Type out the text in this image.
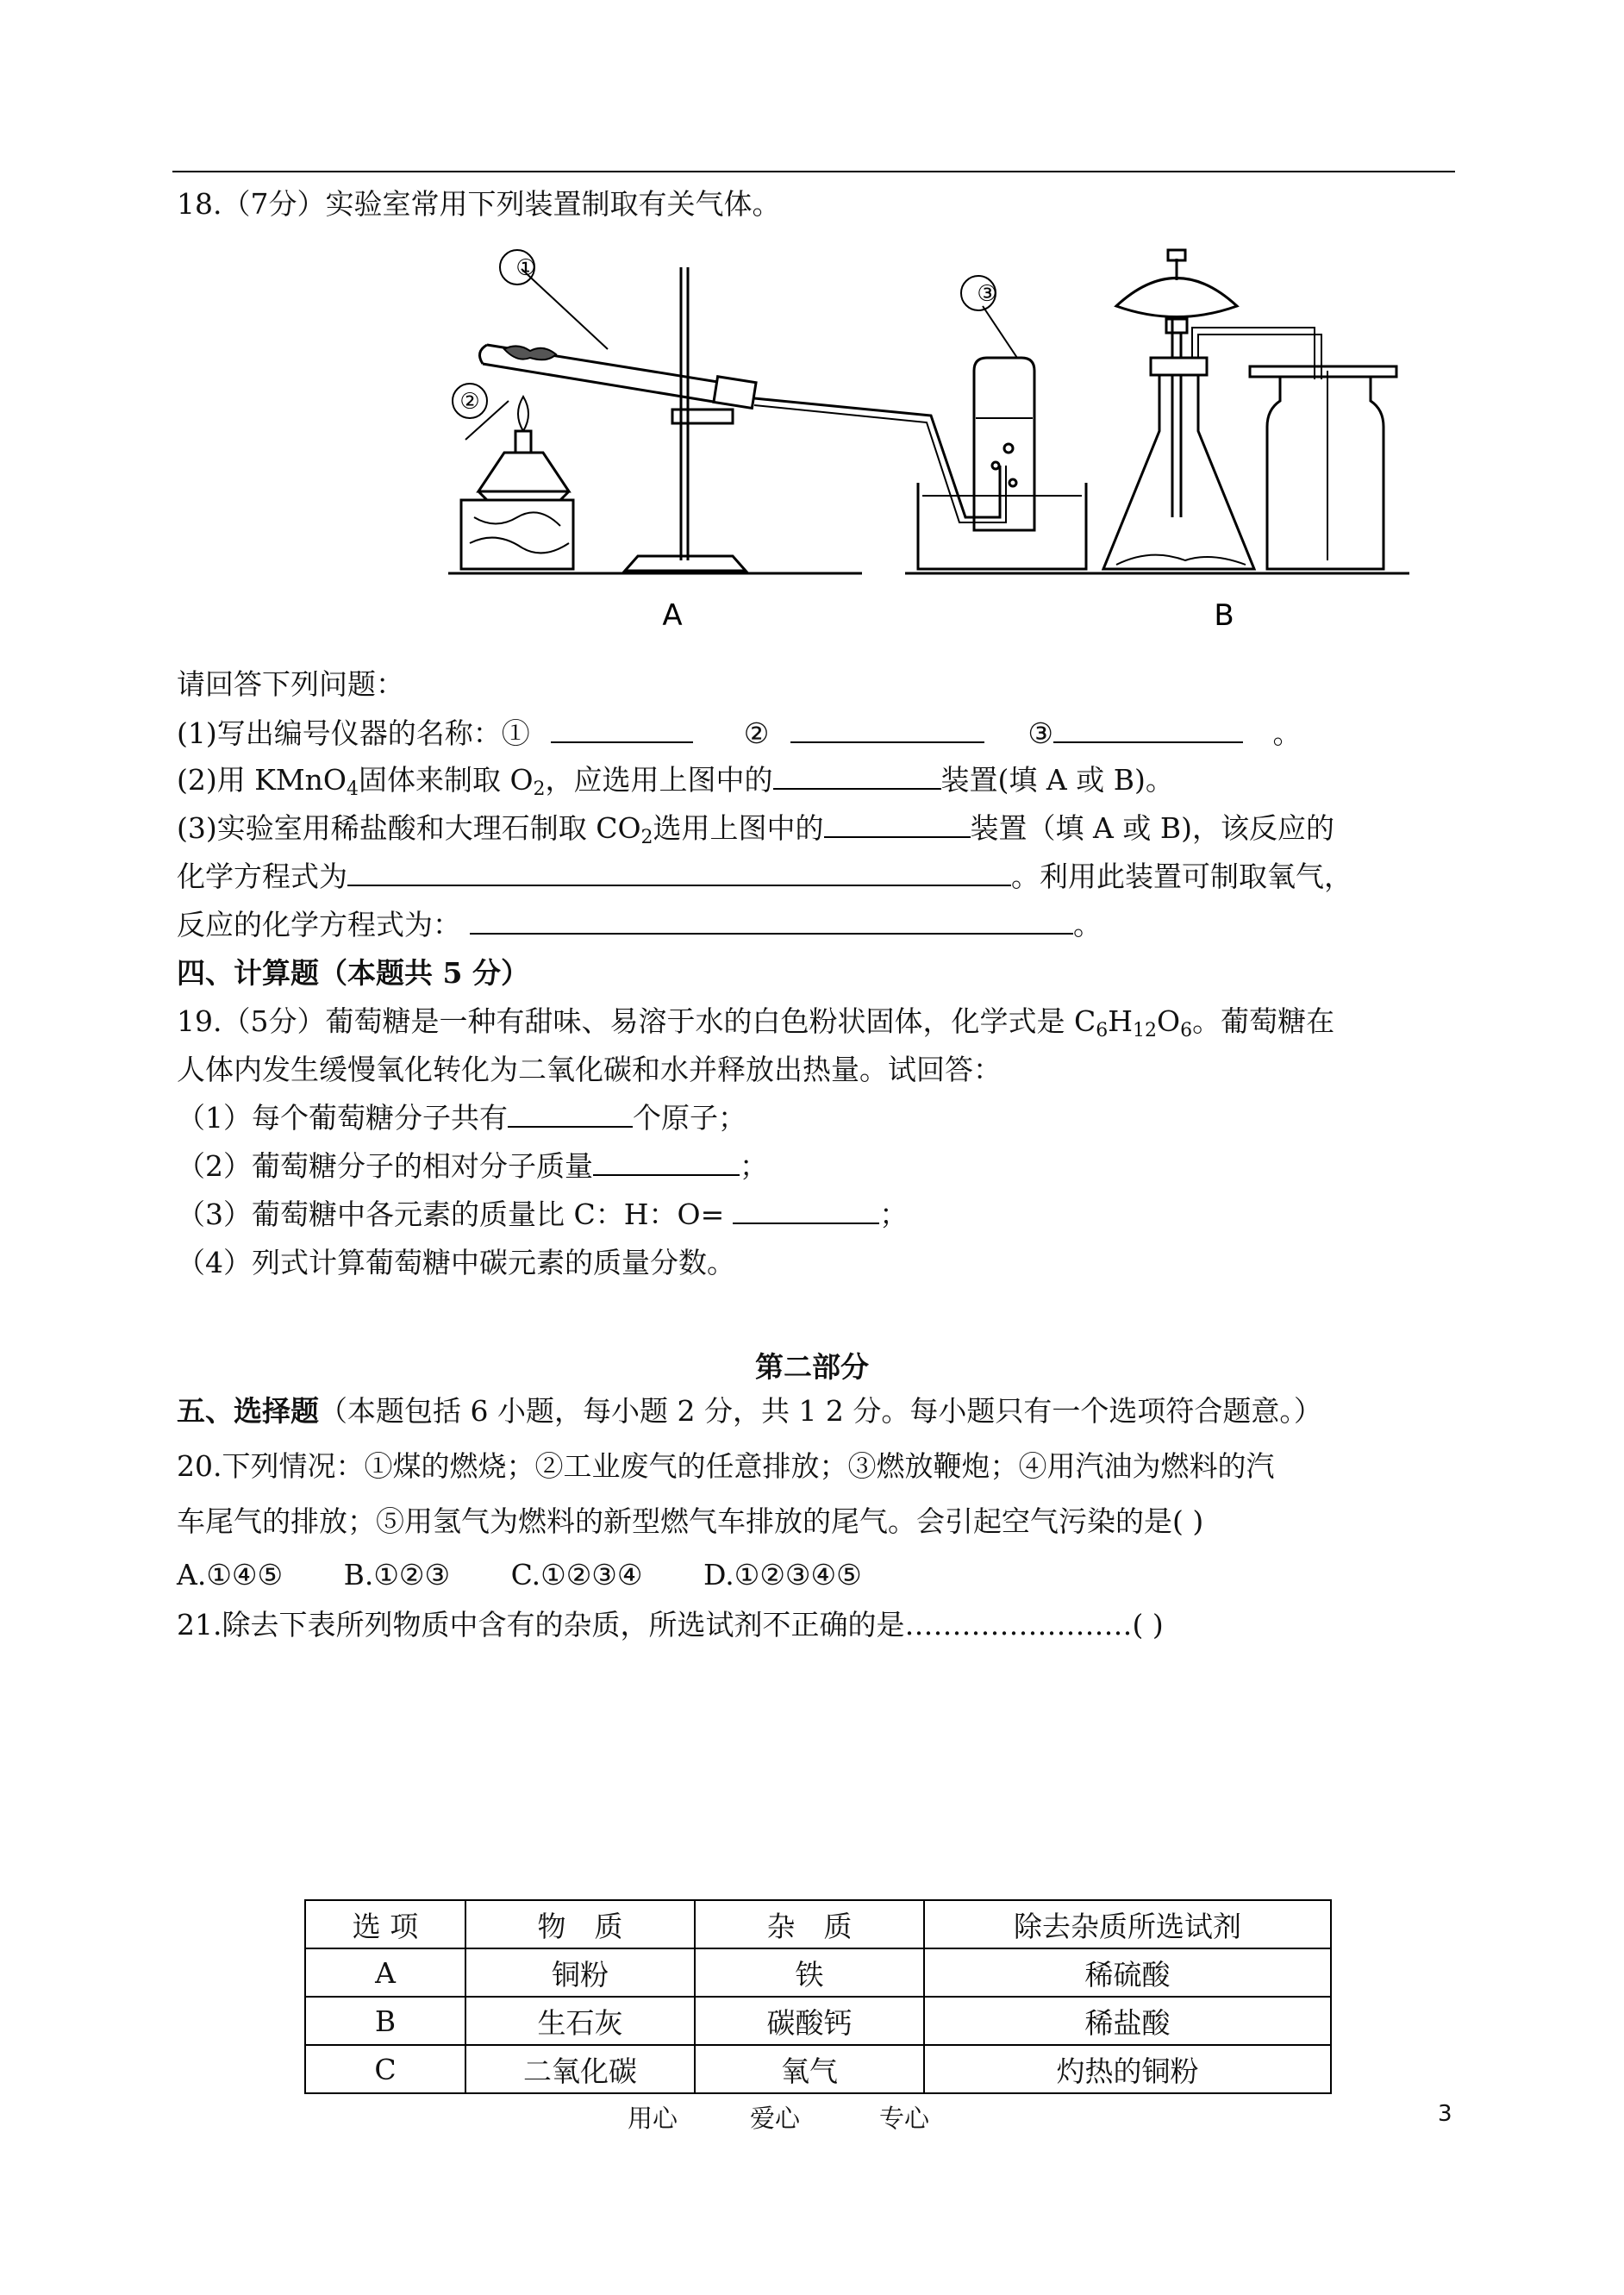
18.（7分）实验室常用下列装置制取有关气体。
①
②
③
A	B
请回答下列问题：
(1)写出编号仪器的名称：①	②	③	。
(2)用 KMnO$_4$固体来制取 $O_2$，应选用上图中的	装置(填 A 或 B)。
(3)实验室用稀盐酸和大理石制取 $CO_2$选用上图中的	装置（填 A 或 B)，该反应的
化学方程式为	。利用此装置可制取氧气，
反应的化学方程式为：	。
四、计算题（本题共 5 分）
19.（5分）葡萄糖是一种有甜味、易溶于水的白色粉状固体，化学式是 $C_6H_{12}O_6$。葡萄糖在
人体内发生缓慢氧化转化为二氧化碳和水并释放出热量。试回答：
（1）每个葡萄糖分子共有	个原子；
（2）葡萄糖分子的相对分子质量	；
（3）葡萄糖中各元素的质量比 C：H：O=	；
（4）列式计算葡萄糖中碳元素的质量分数。
第二部分
五、选择题（本题包括 6 小题，每小题 2 分，共 1 2 分。每小题只有一个选项符合题意。）
20.下列情况：①煤的燃烧；②工业废气的任意排放；③燃放鞭炮；④用汽油为燃料的汽
车尾气的排放；⑤用氢气为燃料的新型燃气车排放的尾气。会引起空气污染的是( )
A.①④⑤ B.①②③ C.①②③④ D.①②③④⑤
21.除去下表所列物质中含有的杂质，所选试剂不正确的是……………………( )
选 项	物　质	杂　质	除去杂质所选试剂
A	铜粉	铁	稀硫酸
B	生石灰	碳酸钙	稀盐酸
C	二氧化碳	氧气	灼热的铜粉
用心	爱心	专心	3
